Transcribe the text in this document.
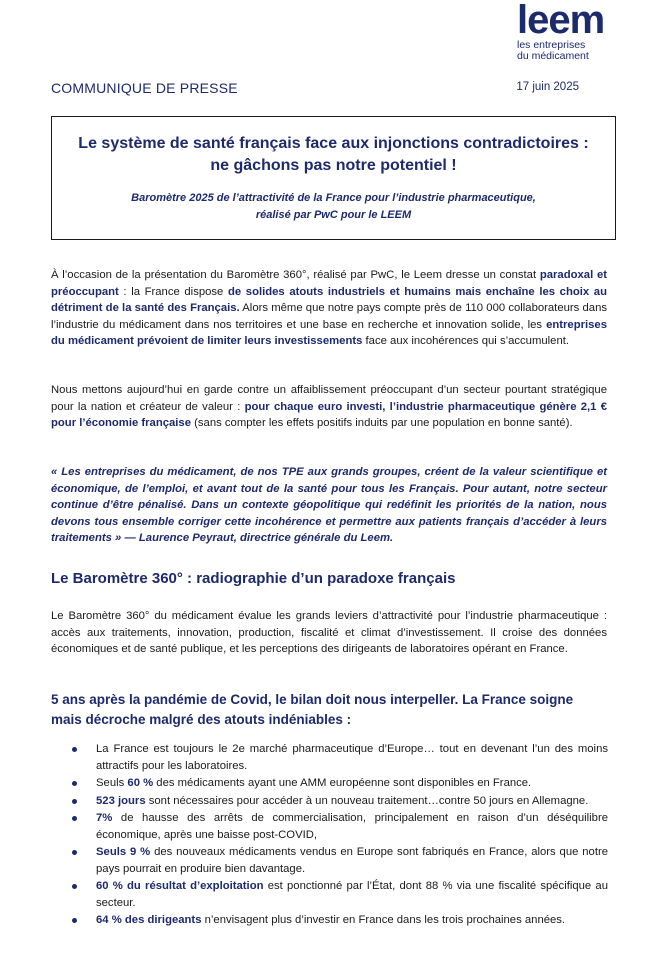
leem
les entreprises
du médicament
COMMUNIQUE DE PRESSE	17 juin 2025
Le système de santé français face aux injonctions contradictoires : ne gâchons pas notre potentiel !
Baromètre 2025 de l’attractivité de la France pour l’industrie pharmaceutique,
réalisé par PwC pour le LEEM
À l’occasion de la présentation du Baromètre 360°, réalisé par PwC, le Leem dresse un constat paradoxal et préoccupant : la France dispose de solides atouts industriels et humains mais enchaîne les choix au détriment de la santé des Français. Alors même que notre pays compte près de 110 000 collaborateurs dans l’industrie du médicament dans nos territoires et une base en recherche et innovation solide, les entreprises du médicament prévoient de limiter leurs investissements face aux incohérences qui s’accumulent.
Nous mettons aujourd’hui en garde contre un affaiblissement préoccupant d’un secteur pourtant stratégique pour la nation et créateur de valeur : pour chaque euro investi, l’industrie pharmaceutique génère 2,1 € pour l’économie française (sans compter les effets positifs induits par une population en bonne santé).
« Les entreprises du médicament, de nos TPE aux grands groupes, créent de la valeur scientifique et économique, de l’emploi, et avant tout de la santé pour tous les Français. Pour autant, notre secteur continue d’être pénalisé. Dans un contexte géopolitique qui redéfinit les priorités de la nation, nous devons tous ensemble corriger cette incohérence et permettre aux patients français d’accéder à leurs traitements » — Laurence Peyraut, directrice générale du Leem.
Le Baromètre 360° : radiographie d’un paradoxe français
Le Baromètre 360° du médicament évalue les grands leviers d’attractivité pour l’industrie pharmaceutique : accès aux traitements, innovation, production, fiscalité et climat d’investissement. Il croise des données économiques et de santé publique, et les perceptions des dirigeants de laboratoires opérant en France.
5 ans après la pandémie de Covid, le bilan doit nous interpeller. La France soigne mais décroche malgré des atouts indéniables :
La France est toujours le 2e marché pharmaceutique d’Europe… tout en devenant l’un des moins attractifs pour les laboratoires.
Seuls 60 % des médicaments ayant une AMM européenne sont disponibles en France.
523 jours sont nécessaires pour accéder à un nouveau traitement…contre 50 jours en Allemagne.
7% de hausse des arrêts de commercialisation, principalement en raison d’un déséquilibre économique, après une baisse post-COVID,
Seuls 9 % des nouveaux médicaments vendus en Europe sont fabriqués en France, alors que notre pays pourrait en produire bien davantage.
60 % du résultat d’exploitation est ponctionné par l’État, dont 88 % via une fiscalité spécifique au secteur.
64 % des dirigeants n’envisagent plus d’investir en France dans les trois prochaines années.
